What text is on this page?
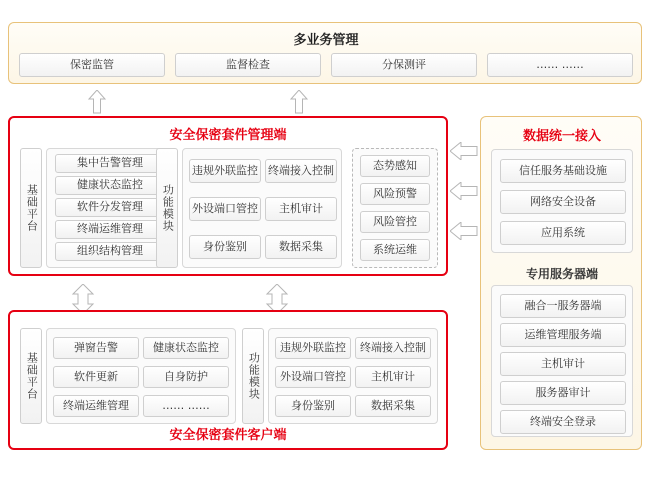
多业务管理
保密监管	监督检查	分保测评	…… ……
安全保密套件管理端
基础平台
集中告警管理
健康状态监控
软件分发管理
终端运维管理
组织结构管理
功能模块
违规外联监控 终端接入控制
外设端口管控	主机审计
身份鉴别	数据采集
态势感知
风险预警
风险管控
系统运维
安全保密套件客户端
基础平台
弹窗告警	健康状态监控
软件更新	自身防护
终端运维管理	…… ……
功能模块
违规外联监控	终端接入控制
外设端口管控	主机审计
身份鉴别	数据采集
数据统一接入
信任服务基础设施
网络安全设备
应用系统
专用服务器端
融合一服务器端
运维管理服务端
主机审计
服务器审计
终端安全登录
